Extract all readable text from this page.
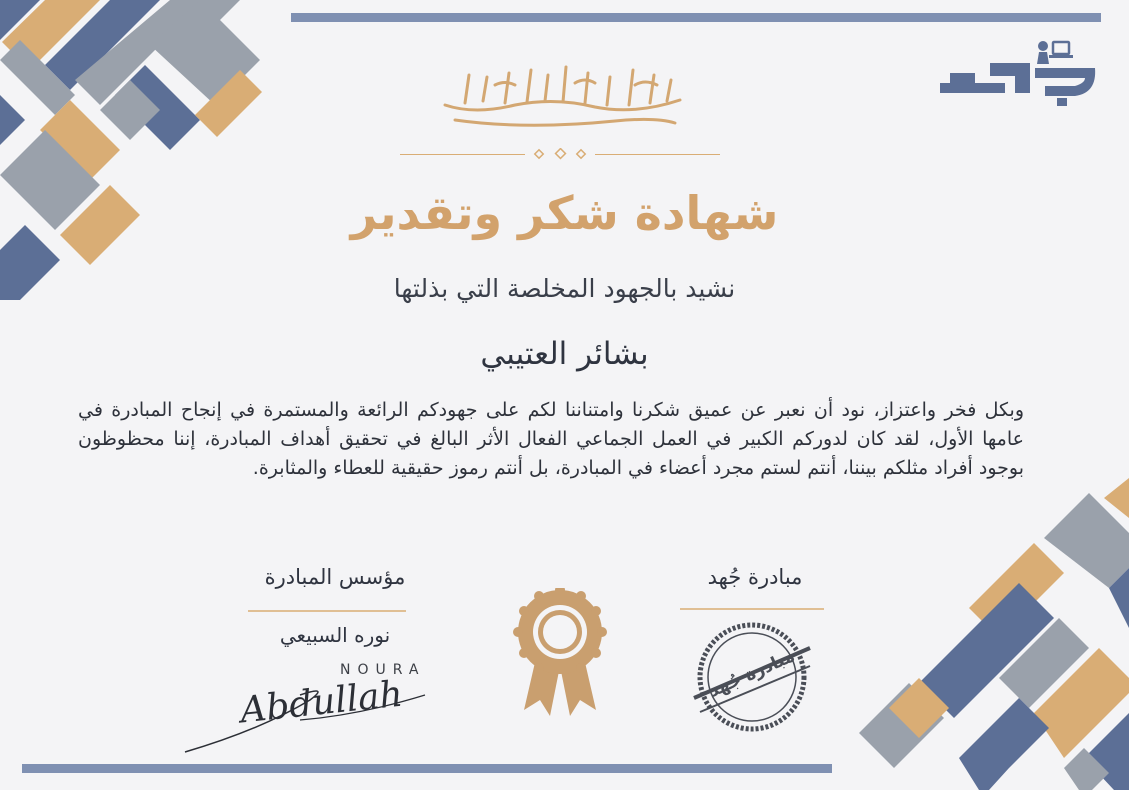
شهادة شكر وتقدير
نشيد بالجهود المخلصة التي بذلتها
بشائر العتيبي
وبكل فخر واعتزاز، نود أن نعبر عن عميق شكرنا وامتناننا لكم على جهودكم الرائعة والمستمرة في إنجاح المبادرة في عامها الأول، لقد كان لدوركم الكبير في العمل الجماعي الفعال الأثر البالغ في تحقيق أهداف المبادرة، إننا محظوظون بوجود أفراد مثلكم بيننا، أنتم لستم مجرد أعضاء في المبادرة، بل أنتم رموز حقيقية للعطاء والمثابرة.
مؤسس المبادرة
نوره السبيعي
NOURA
Abdullah
مبادرة جُهد
مبادرة جُهد
